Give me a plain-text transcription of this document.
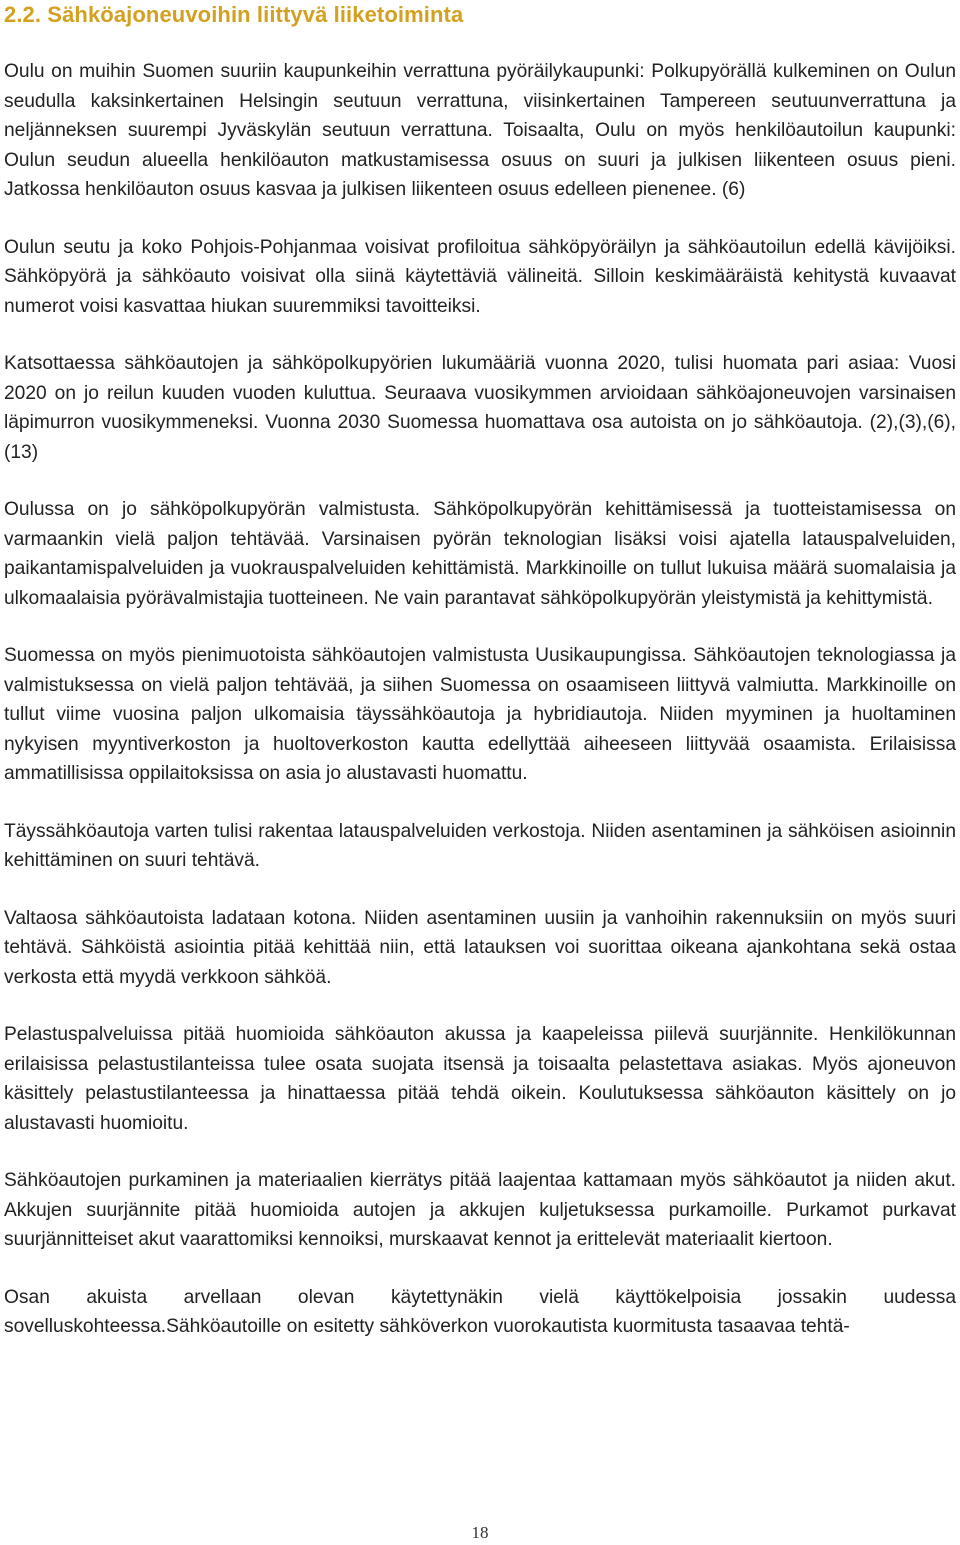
2.2. Sähköajoneuvoihin liittyvä liiketoiminta

Oulu on muihin Suomen suuriin kaupunkeihin verrattuna pyöräilykaupunki: Polkupyörällä kulkeminen on Oulun seudulla kaksinkertainen Helsingin seutuun verrattuna, viisinkertainen Tampereen seutuunverrattuna ja neljänneksen suurempi Jyväskylän seutuun verrattuna. Toisaalta, Oulu on myös henkilöautoilun kaupunki: Oulun seudun alueella henkilöauton matkustamisessa osuus on suuri ja julkisen liikenteen osuus pieni. Jatkossa henkilöauton osuus kasvaa ja julkisen liikenteen osuus edelleen pienenee. (6)

Oulun seutu ja koko Pohjois-Pohjanmaa voisivat profiloitua sähköpyöräilyn ja sähköautoilun edellä kävijöiksi. Sähköpyörä ja sähköauto voisivat olla siinä käytettäviä välineitä. Silloin keskimääräistä kehitystä kuvaavat numerot voisi kasvattaa hiukan suuremmiksi tavoitteiksi.

Katsottaessa sähköautojen ja sähköpolkupyörien lukumääriä vuonna 2020, tulisi huomata pari asiaa: Vuosi 2020 on jo reilun kuuden vuoden kuluttua. Seuraava vuosikymmen arvioidaan sähköajoneuvojen varsinaisen läpimurron vuosikymmeneksi. Vuonna 2030 Suomessa huomattava osa autoista on jo sähköautoja. (2),(3),(6),(13)

Oulussa on jo sähköpolkupyörän valmistusta. Sähköpolkupyörän kehittämisessä ja tuotteistamisessa on varmaankin vielä paljon tehtävää. Varsinaisen pyörän teknologian lisäksi voisi ajatella latauspalveluiden, paikantamispalveluiden ja vuokrauspalveluiden kehittämistä. Markkinoille on tullut lukuisa määrä suomalaisia ja ulkomaalaisia pyörävalmistajia tuotteineen. Ne vain parantavat sähköpolkupyörän yleistymistä ja kehittymistä.

Suomessa on myös pienimuotoista sähköautojen valmistusta Uusikaupungissa. Sähköautojen teknologiassa ja valmistuksessa on vielä paljon tehtävää, ja siihen Suomessa on osaamiseen liittyvä valmiutta. Markkinoille on tullut viime vuosina paljon ulkomaisia täyssähköautoja ja hybridiautoja. Niiden myyminen ja huoltaminen nykyisen myyntiverkoston ja huoltoverkoston kautta edellyttää aiheeseen liittyvää osaamista. Erilaisissa ammatillisissa oppilaitoksissa on asia jo alustavasti huomattu.

Täyssähköautoja varten tulisi rakentaa latauspalveluiden verkostoja. Niiden asentaminen ja sähköisen asioinnin kehittäminen on suuri tehtävä.

Valtaosa sähköautoista ladataan kotona. Niiden asentaminen uusiin ja vanhoihin rakennuksiin on myös suuri tehtävä. Sähköistä asiointia pitää kehittää niin, että latauksen voi suorittaa oikeana ajankohtana sekä ostaa verkosta että myydä verkkoon sähköä.

Pelastuspalveluissa pitää huomioida sähköauton akussa ja kaapeleissa piilevä suurjännite. Henkilökunnan erilaisissa pelastustilanteissa tulee osata suojata itsensä ja toisaalta pelastettava asiakas. Myös ajoneuvon käsittely pelastustilanteessa ja hinattaessa pitää tehdä oikein. Koulutuksessa sähköauton käsittely on jo alustavasti huomioitu.

Sähköautojen purkaminen ja materiaalien kierrätys pitää laajentaa kattamaan myös sähköautot ja niiden akut. Akkujen suurjännite pitää huomioida autojen ja akkujen kuljetuksessa purkamoille. Purkamot purkavat suurjännitteiset akut vaarattomiksi kennoiksi, murskaavat kennot ja erittelevät materiaalit kiertoon.

Osan akuista arvellaan olevan käytettynäkin vielä käyttökelpoisia jossakin uudessa sovelluskohteessa.Sähköautoille on esitetty sähköverkon vuorokautista kuormitusta tasaavaa tehtä-

18
